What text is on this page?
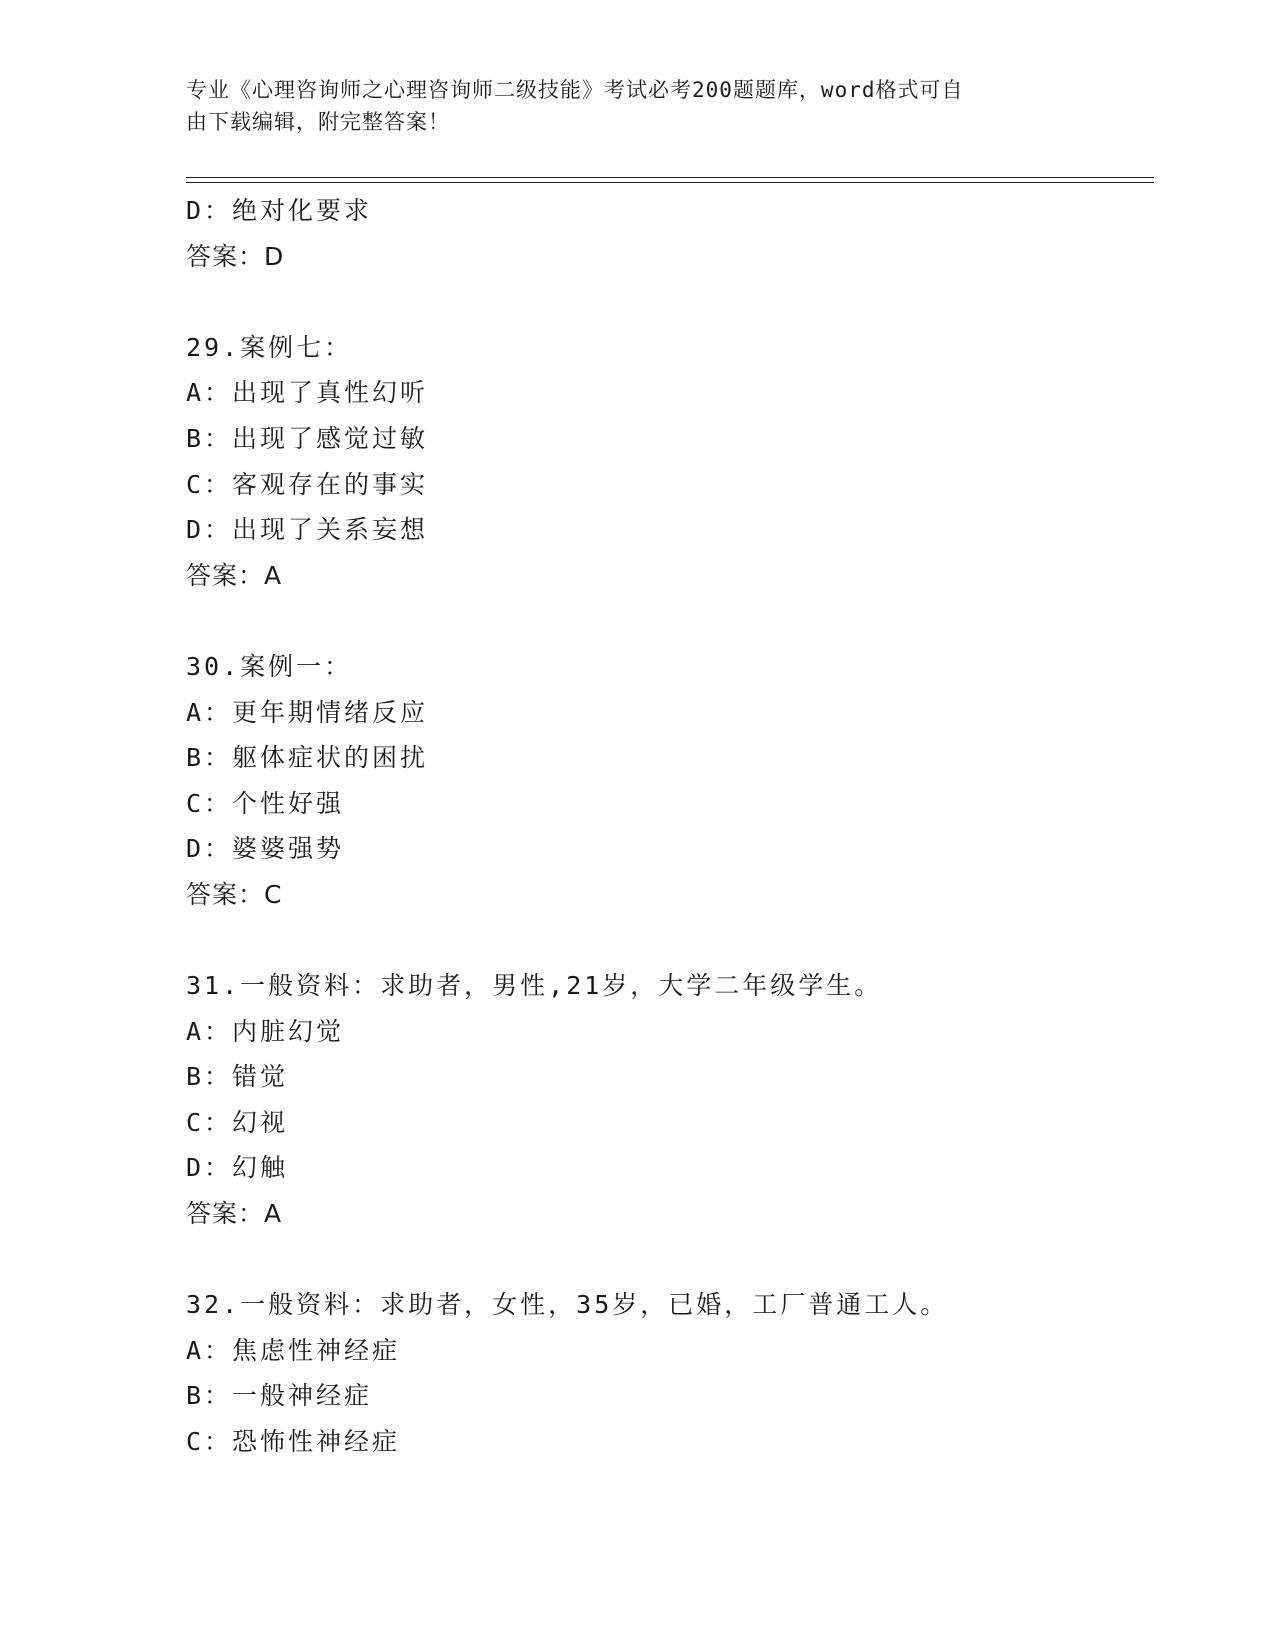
专业《心理咨询师之心理咨询师二级技能》考试必考200题题库，word格式可自
由下载编辑，附完整答案！
D：绝对化要求
答案：D
29.案例七：
A：出现了真性幻听
B：出现了感觉过敏
C：客观存在的事实
D：出现了关系妄想
答案：A
30.案例一：
A：更年期情绪反应
B：躯体症状的困扰
C：个性好强
D：婆婆强势
答案：C
31.一般资料：求助者，男性,21岁，大学二年级学生。
A：内脏幻觉
B：错觉
C：幻视
D：幻触
答案：A
32.一般资料：求助者，女性，35岁，已婚，工厂普通工人。
A：焦虑性神经症
B：一般神经症
C：恐怖性神经症
